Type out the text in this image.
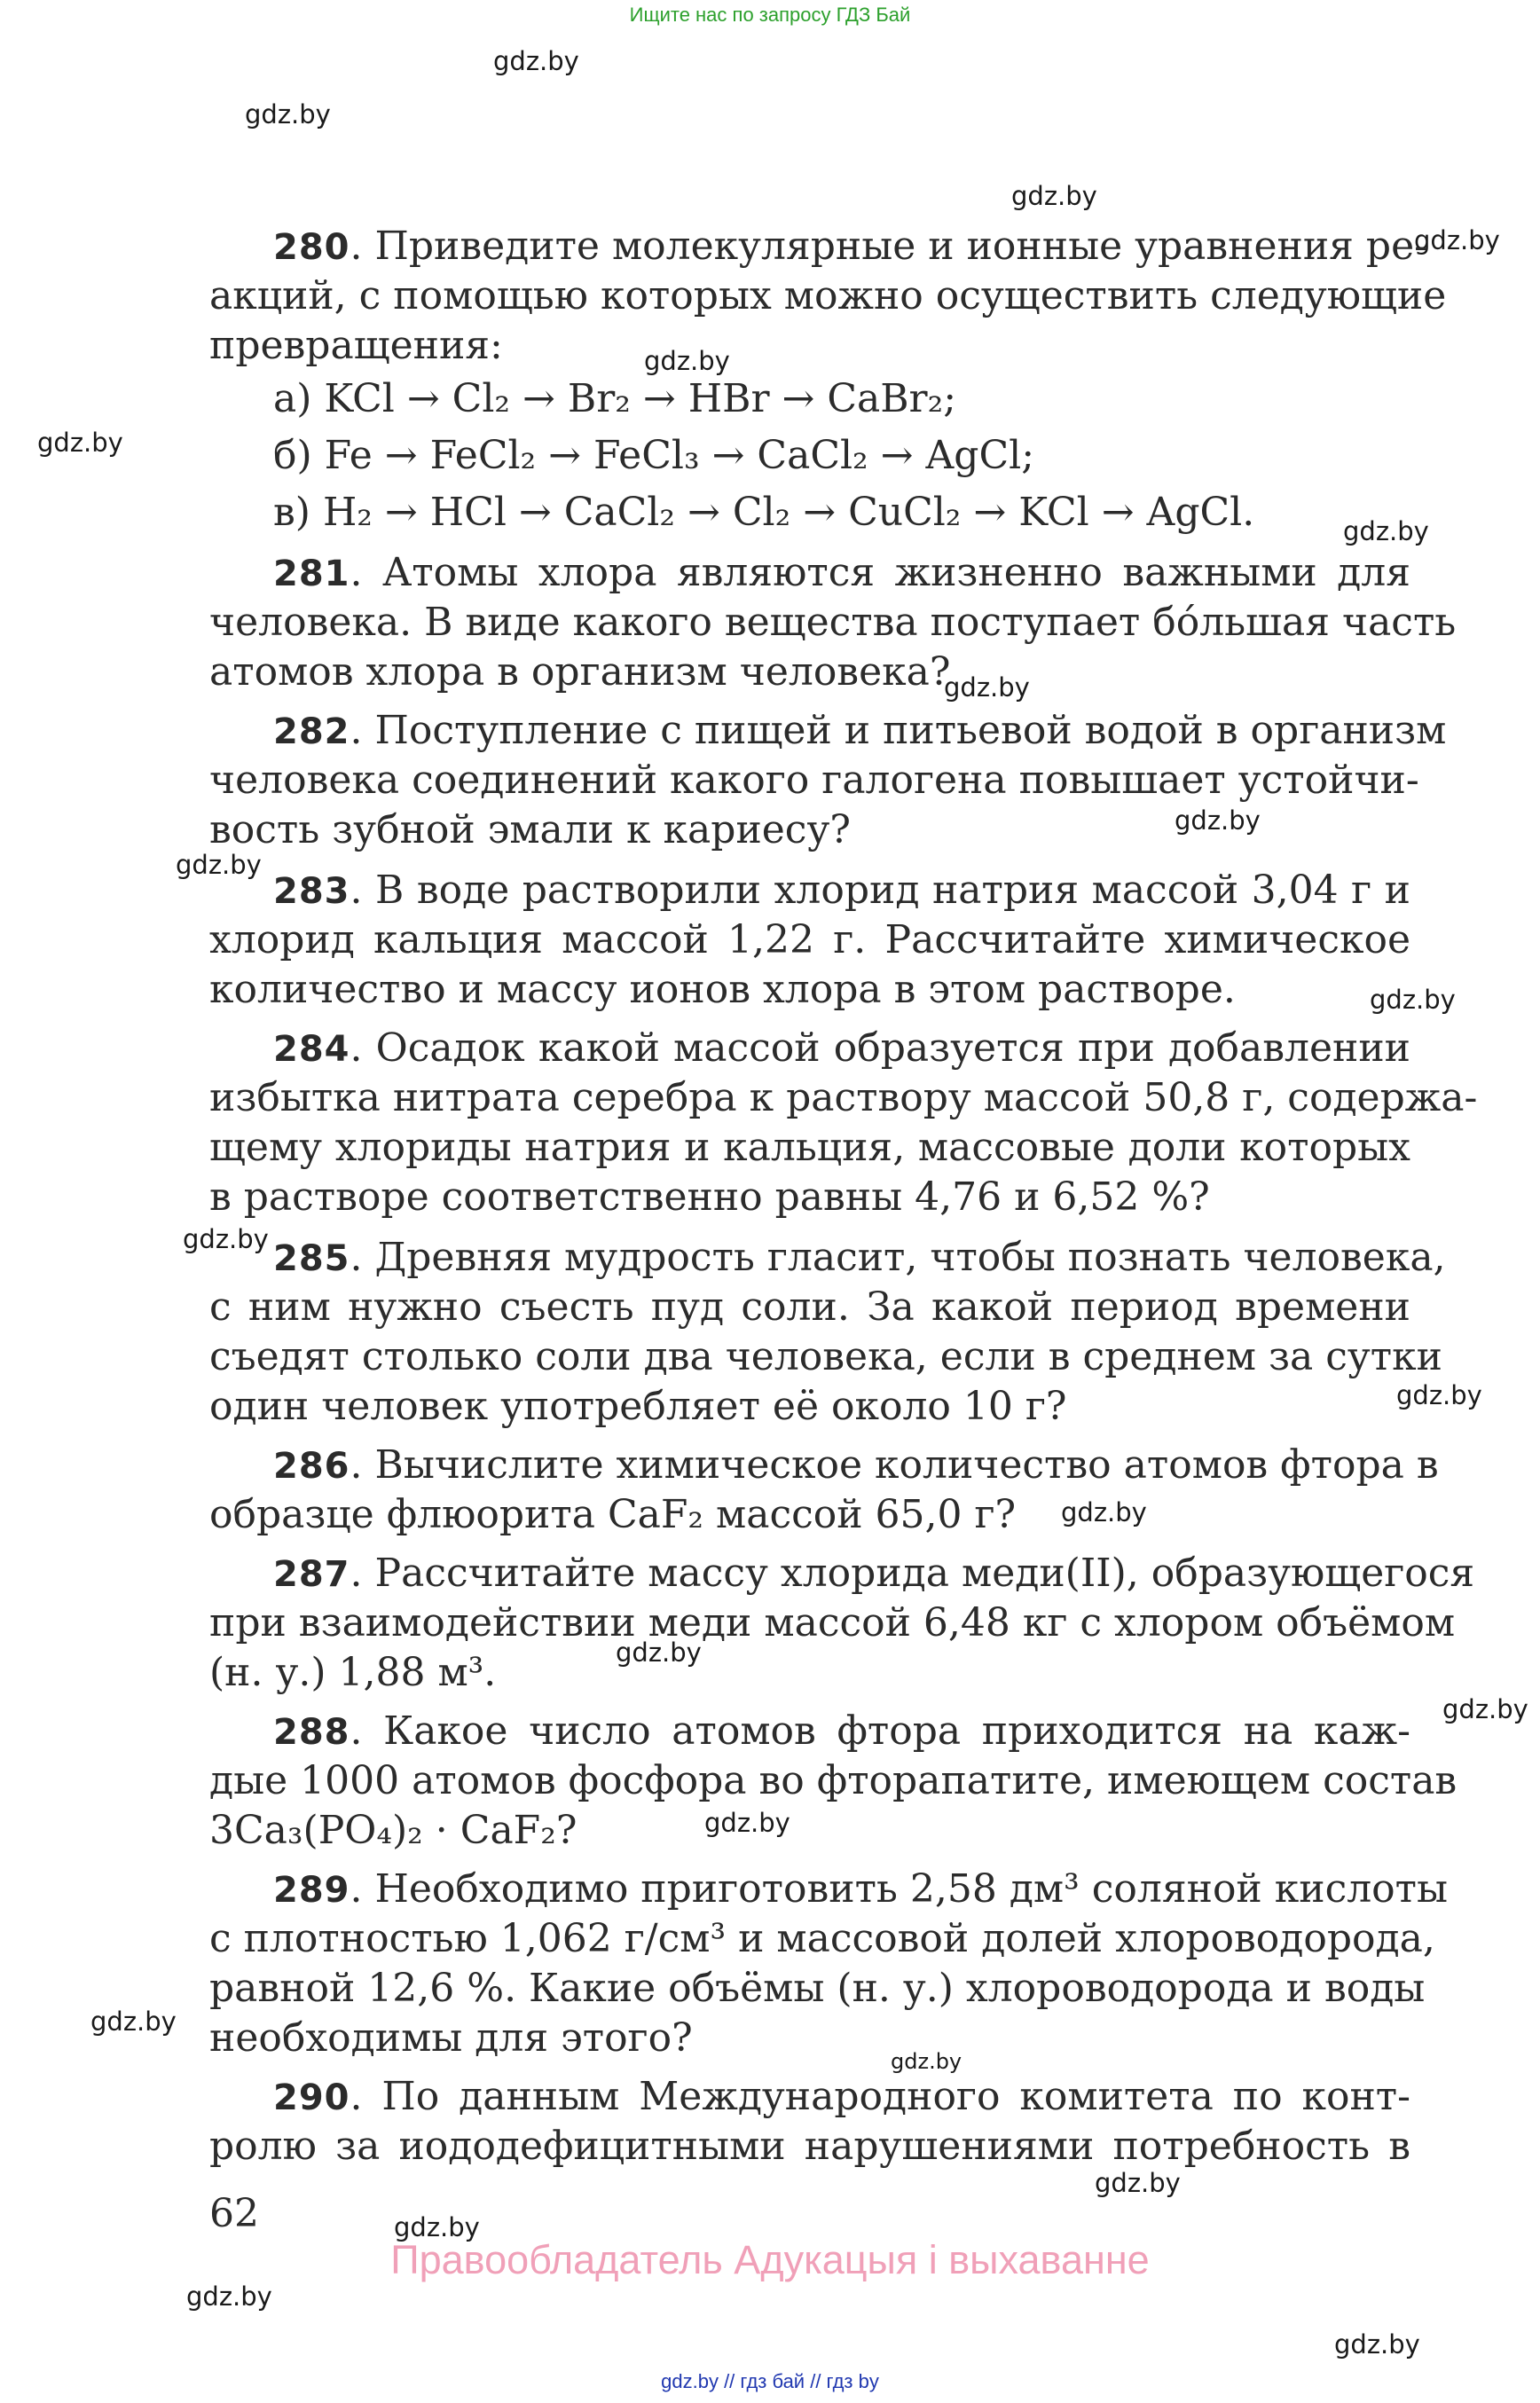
Ищите нас по запросу ГДЗ Бай
gdz.by
gdz.by
gdz.by
gdz.by
gdz.by
gdz.by
gdz.by
gdz.by
gdz.by
gdz.by
gdz.by
gdz.by
gdz.by
gdz.by
gdz.by
gdz.by
gdz.by
gdz.by
gdz.by
gdz.by
gdz.by
gdz.by
gdz.by
280. Приведите молекулярные и ионные уравнения ре-
акций, с помощью которых можно осуществить следующие
превращения:
а) KCl → Cl₂ → Br₂ → HBr → CaBr₂;
б) Fe → FeCl₂ → FeCl₃ → CaCl₂ → AgCl;
в) H₂ → HCl → CaCl₂ → Cl₂ → CuCl₂ → KCl → AgCl.
281. Атомы хлора являются жизненно важными для
человека. В виде какого вещества поступает бо́льшая часть
атомов хлора в организм человека?
282. Поступление с пищей и питьевой водой в организм
человека соединений какого галогена повышает устойчи-
вость зубной эмали к кариесу?
283. В воде растворили хлорид натрия массой 3,04 г и
хлорид кальция массой 1,22 г. Рассчитайте химическое
количество и массу ионов хлора в этом растворе.
284. Осадок какой массой образуется при добавлении
избытка нитрата серебра к раствору массой 50,8 г, содержа-
щему хлориды натрия и кальция, массовые доли которых
в растворе соответственно равны 4,76 и 6,52 %?
285. Древняя мудрость гласит, чтобы познать человека,
с ним нужно съесть пуд соли. За какой период времени
съедят столько соли два человека, если в среднем за сутки
один человек употребляет её около 10 г?
286. Вычислите химическое количество атомов фтора в
образце флюорита CaF₂ массой 65,0 г?
287. Рассчитайте массу хлорида меди(II), образующегося
при взаимодействии меди массой 6,48 кг с хлором объёмом
(н. у.) 1,88 м³.
288. Какое число атомов фтора приходится на каж-
дые 1000 атомов фосфора во фторапатите, имеющем состав
3Ca₃(PO₄)₂ · CaF₂?
289. Необходимо приготовить 2,58 дм³ соляной кислоты
с плотностью 1,062 г/см³ и массовой долей хлороводорода,
равной 12,6 %. Какие объёмы (н. у.) хлороводорода и воды
необходимы для этого?
290. По данным Международного комитета по конт-
ролю за иододефицитными нарушениями потребность в
62
Правообладатель Адукацыя і выхаванне
gdz.by // гдз бай // гдз by
